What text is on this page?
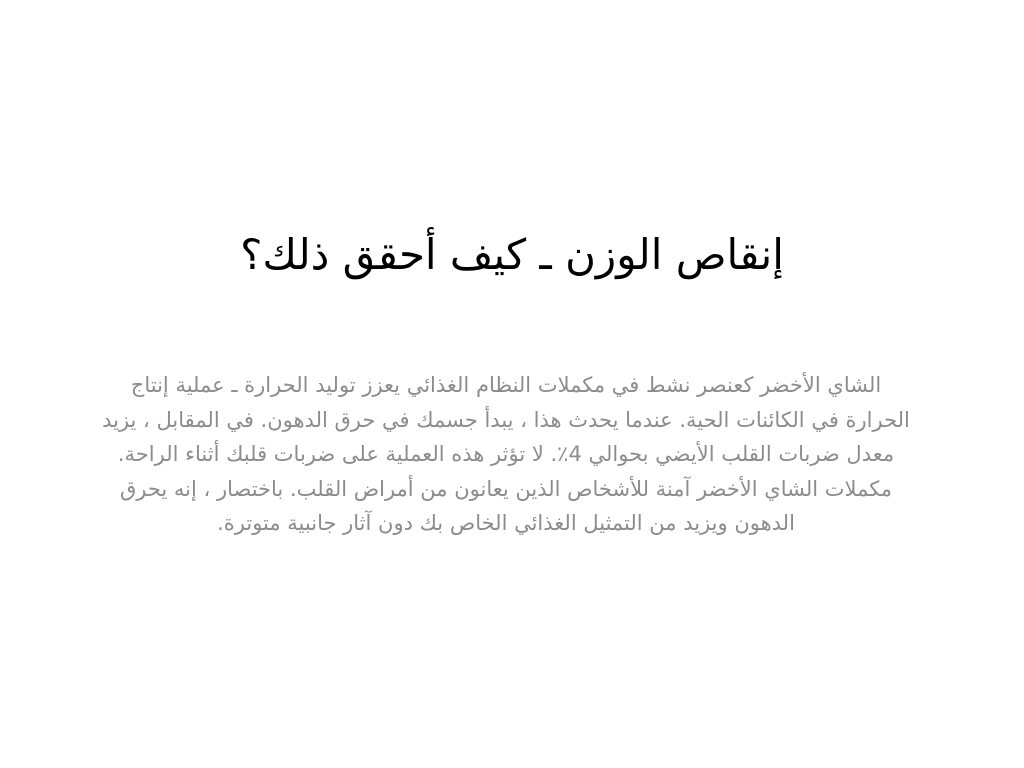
إنقاص الوزن ـ كيف أحقق ذلك؟
الشاي الأخضر كعنصر نشط في مكملات النظام الغذائي يعزز توليد الحرارة ـ عملية إنتاج الحرارة في الكائنات الحية. عندما يحدث هذا ، يبدأ جسمك في حرق الدهون. في المقابل ، يزيد معدل ضربات القلب الأيضي بحوالي 4٪. لا تؤثر هذه العملية على ضربات قلبك أثناء الراحة. مكملات الشاي الأخضر آمنة للأشخاص الذين يعانون من أمراض القلب. باختصار ، إنه يحرق الدهون ويزيد من التمثيل الغذائي الخاص بك دون آثار جانبية متوترة.
